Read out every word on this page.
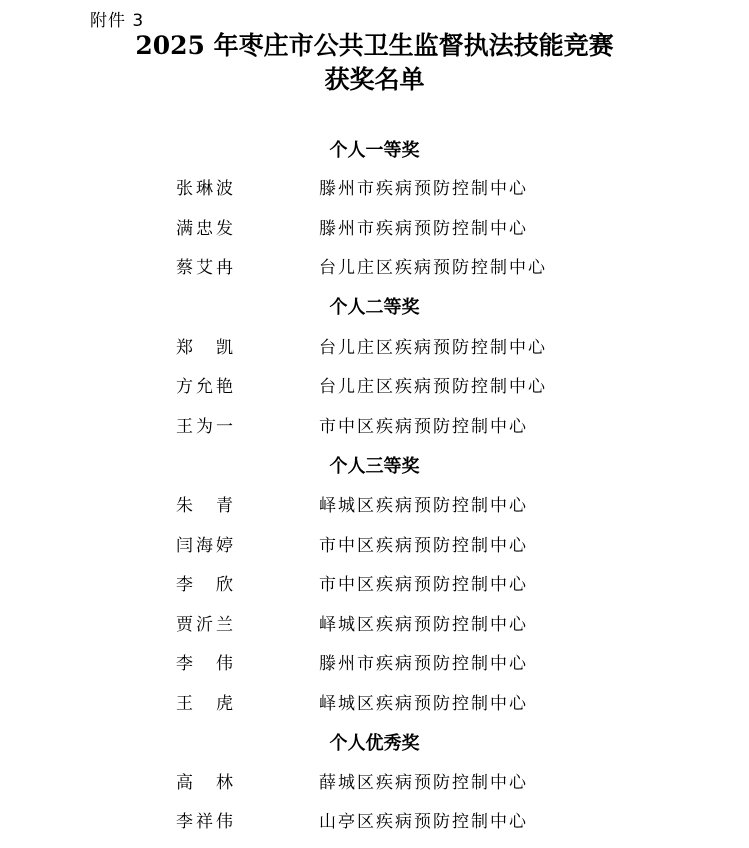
附件 3
2025 年枣庄市公共卫生监督执法技能竞赛
获奖名单
个人一等奖
张琳波	滕州市疾病预防控制中心
满忠发	滕州市疾病预防控制中心
蔡艾冉	台儿庄区疾病预防控制中心
个人二等奖
郑　凯	台儿庄区疾病预防控制中心
方允艳	台儿庄区疾病预防控制中心
王为一	市中区疾病预防控制中心
个人三等奖
朱　青	峄城区疾病预防控制中心
闫海婷	市中区疾病预防控制中心
李　欣	市中区疾病预防控制中心
贾沂兰	峄城区疾病预防控制中心
李　伟	滕州市疾病预防控制中心
王　虎	峄城区疾病预防控制中心
个人优秀奖
高　林	薛城区疾病预防控制中心
李祥伟	山亭区疾病预防控制中心
